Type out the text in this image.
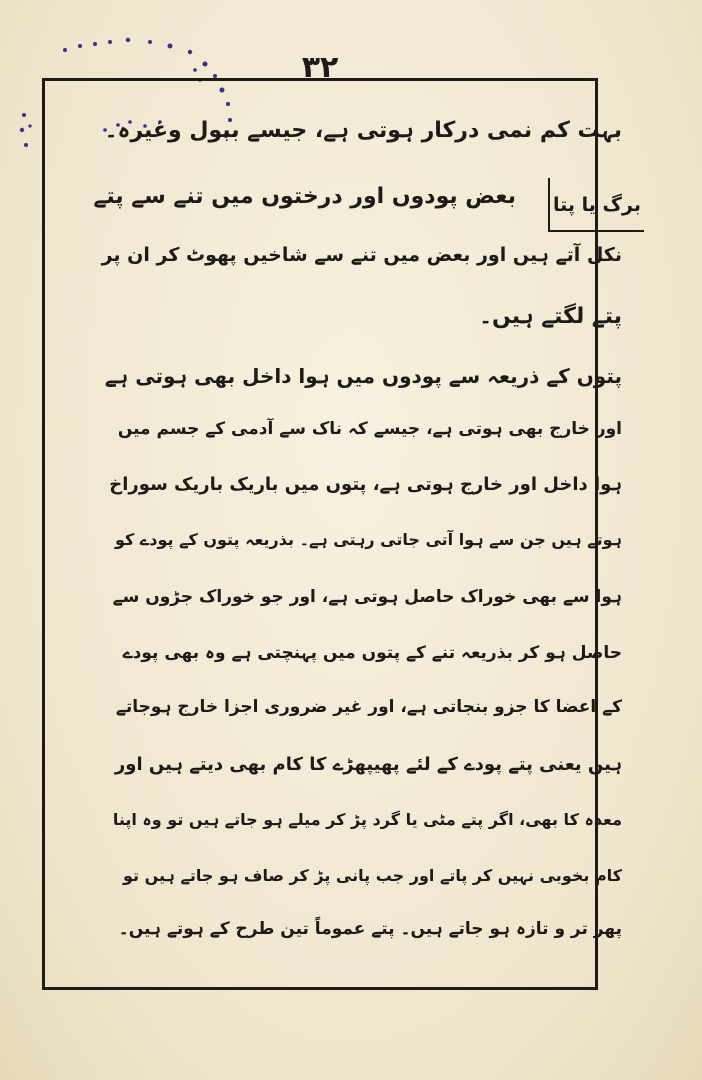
۳۲
برگ یا پتا
بہت کم نمی درکار ہوتی ہے، جیسے ببول وغیرہ۔
بعض پودوں اور درختوں میں تنے سے پتے
نکل آتے ہیں اور بعض میں تنے سے شاخیں پھوٹ کر ان پر
پتے لگتے ہیں۔
پتوں کے ذریعہ سے پودوں میں ہوا داخل بھی ہوتی ہے
اور خارج بھی ہوتی ہے، جیسے کہ ناک سے آدمی کے جسم میں
ہوا داخل اور خارج ہوتی ہے، پتوں میں باریک باریک سوراخ
ہوتے ہیں جن سے ہوا آتی جاتی رہتی ہے۔ بذریعہ پتوں کے پودے کو
ہوا سے بھی خوراک حاصل ہوتی ہے، اور جو خوراک جڑوں سے
حاصل ہو کر بذریعہ تنے کے پتوں میں پہنچتی ہے وہ بھی پودے
کے اعضا کا جزو بنجاتی ہے، اور غیر ضروری اجزا خارج ہوجاتے
ہیں یعنی پتے پودے کے لئے پھیپھڑے کا کام بھی دیتے ہیں اور
معدہ کا بھی، اگر پتے مٹی یا گرد پڑ کر میلے ہو جاتے ہیں تو وہ اپنا
کام بخوبی نہیں کر پاتے اور جب پانی پڑ کر صاف ہو جاتے ہیں تو
پھر تر و تازہ ہو جاتے ہیں۔ پتے عموماً تین طرح کے ہوتے ہیں۔
